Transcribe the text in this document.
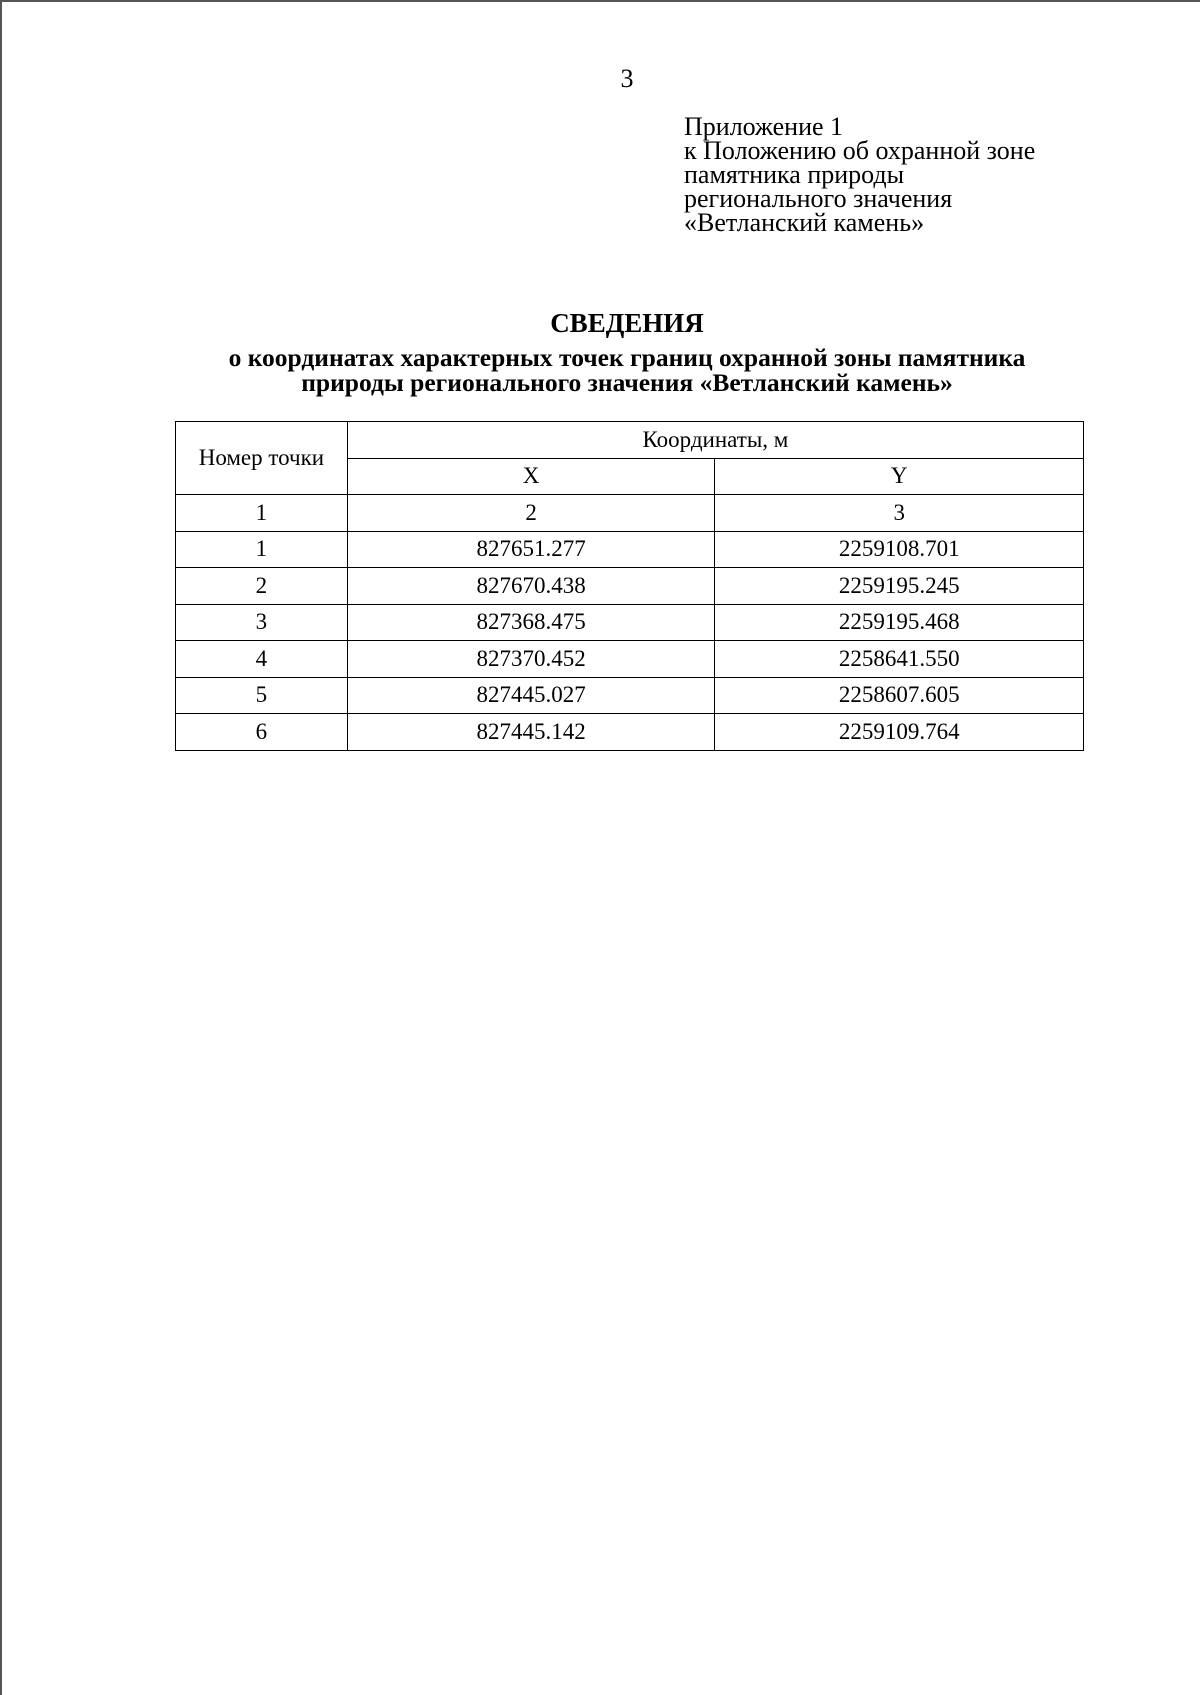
3
Приложение 1
к Положению об охранной зоне
памятника природы
регионального значения
«Ветланский камень»
СВЕДЕНИЯ
о координатах характерных точек границ охранной зоны памятника
природы регионального значения «Ветланский камень»
Номер точки	Координаты, м	
	X	Y
1	2	3
1	827651.277	2259108.701
2	827670.438	2259195.245
3	827368.475	2259195.468
4	827370.452	2258641.550
5	827445.027	2258607.605
6	827445.142	2259109.764
